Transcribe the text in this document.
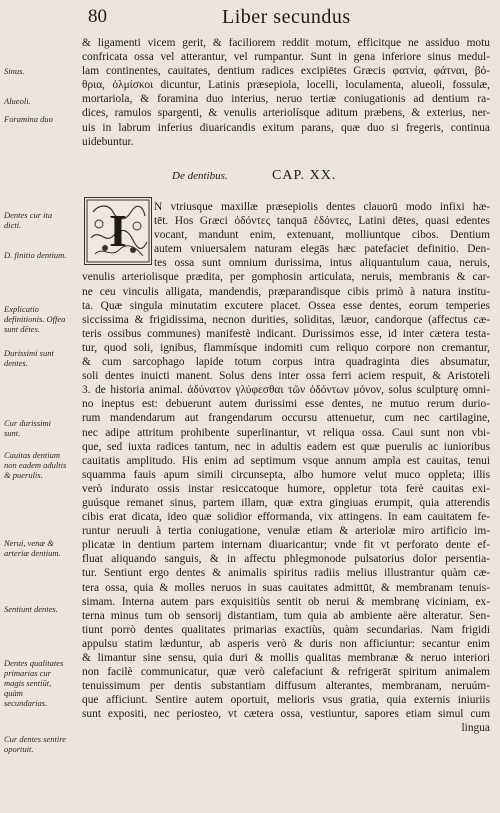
80	Liber secundus
Sinus.
Alueoli.
Foramina duo
Dentes cur ita dicti.
D. finitio dentium.
Explicatio definitionis. Offea sunt dētes.
Durissimi sunt dentes.
Cur durissimi sunt.
Cauitas dentium non eadem adultis & puerulis.
Nerui, venæ & arteriæ dentium.
Sentiunt dentes.
Dentes qualitates primarias cur magis sentiūt, quàm secundarias.
Cur dentes sentire oportuit.
& ligamenti vicem gerit, & faciliorem reddit motum, efficitque ne assiduo motu
confricata ossa vel atterantur, vel rumpantur. Sunt in gena inferiore sinus medul-
lam continentes, cauitates, dentium radices excipiētes Græcis φατνία, φάτναι, βό-
θρια, ὁλμίσκοι dicuntur, Latinis præsepiola, locelli, loculamenta, alueoli, fossulæ,
mortariola, & foramina duo interius, neruo tertiæ coniugationis ad dentium ra-
dices, ramulos spargenti, & venulis arteriolísque aditum præbens, & exterius, ner-
uis in labrum inferius diuaricandis exitum parans, quæ duo si fregeris, continua
uidebuntur.
De dentibus.	CAP. XX.
I N vtriusque maxillæ præsepiolis dentes clauorū modo infixi hæ-
tēt. Hos Græci ὀδόντες tanquā ἐδόντες, Latini dētes, quasi edentes
vocant, mandunt enim, extenuant, molliuntque cibos. Dentium
autem vniuersalem naturam elegās hæc patefaciet definitio. Den-
tes ossa sunt omnium durissima, intus aliquantulum caua, neruis,
venulis arteriolisque prædita, per gomphosin articulata, neruis, membranis & car-
ne ceu vinculis alligata, mandendis, præparandisque cibis primò à natura institu-
ta. Quæ singula minutatim excutere placet. Ossea esse dentes, eorum temperies
siccissima & frigidissima, necnon durities, soliditas, læuor, candorque (affectus cæ-
teris ossibus communes) manifestè indicant. Durissimos esse, id inter cætera testa-
tur, quod soli, ignibus, flammísque indomiti cum reliquo corpore non cremantur,
& cum sarcophago lapide totum corpus intra quadraginta dies absumatur,
soli dentes inuicti manent. Solus dens inter ossa ferri aciem respuit, & Aristoteli
3. de historia animal. ἀδύνατον γλύφεσθαι τῶν ὀδόντων μόνον, solus sculpturę omni-
no ineptus est: debuerunt autem durissimi esse dentes, ne mutuo rerum durio-
rum mandendarum aut frangendarum occursu attenuetur, cum nec cartilagine,
nec adipe attritum prohibente superlinantur, vt reliqua ossa. Caui sunt non vbi-
que, sed iuxta radices tantum, nec in adultis eadem est quæ puerulis ac iunioribus
cauitatis amplitudo. His enim ad septimum vsque annum ampla est cauitas, tenui
squamma fauis apum simili circunsepta, albo humore velut muco oppleta; illis
verò indurato ossis instar resiccatoque humore, oppletur tota ferè cauitas exi-
guúsque remanet sinus, partem illam, quæ extra gingiuas erumpit, quia atterendis
cibis erat dicata, ideo quæ solidior efformanda, vix attingens. In eam cauitatem fe-
runtur neruuli à tertia coniugatione, venulæ etiam & arteriolæ miro artificio im-
plicatæ in dentium partem internam diuaricantur; vnde fit vt perforato dente ef-
fluat aliquando sanguis, & in affectu phlegmonode pulsatorius dolor persentia-
tur. Sentiunt ergo dentes & animalis spiritus radiis melius illustrantur quàm cæ-
tera ossa, quia & molles neruos in suas cauitates admittūt, & membranam tenuis-
simam. Interna autem pars exquisitiùs sentit ob nerui & membranę viciniam, ex-
terna minus tum ob sensorij distantiam, tum quia ab ambiente aëre alteratur. Sen-
tiunt porrò dentes qualitates primarias exactiùs, quàm secundarias. Nam frigidi
appulsu statim læduntur, ab asperis verò & duris non afficiuntur: secantur enim
& limantur sine sensu, quia duri & mollis qualitas membranæ & neruo interiori
non facilè communicatur, quæ verò calefaciunt & refrigerāt spiritum animalem
tenuissimum per dentis substantiam diffusum alterantes, membranam, neruúm-
que afficiunt. Sentire autem oportuit, melioris vsus gratia, quia externis iniuriis
sunt expositi, nec periosteo, vt cætera ossa, vestiuntur, sapores etiam simul cum
lingua
